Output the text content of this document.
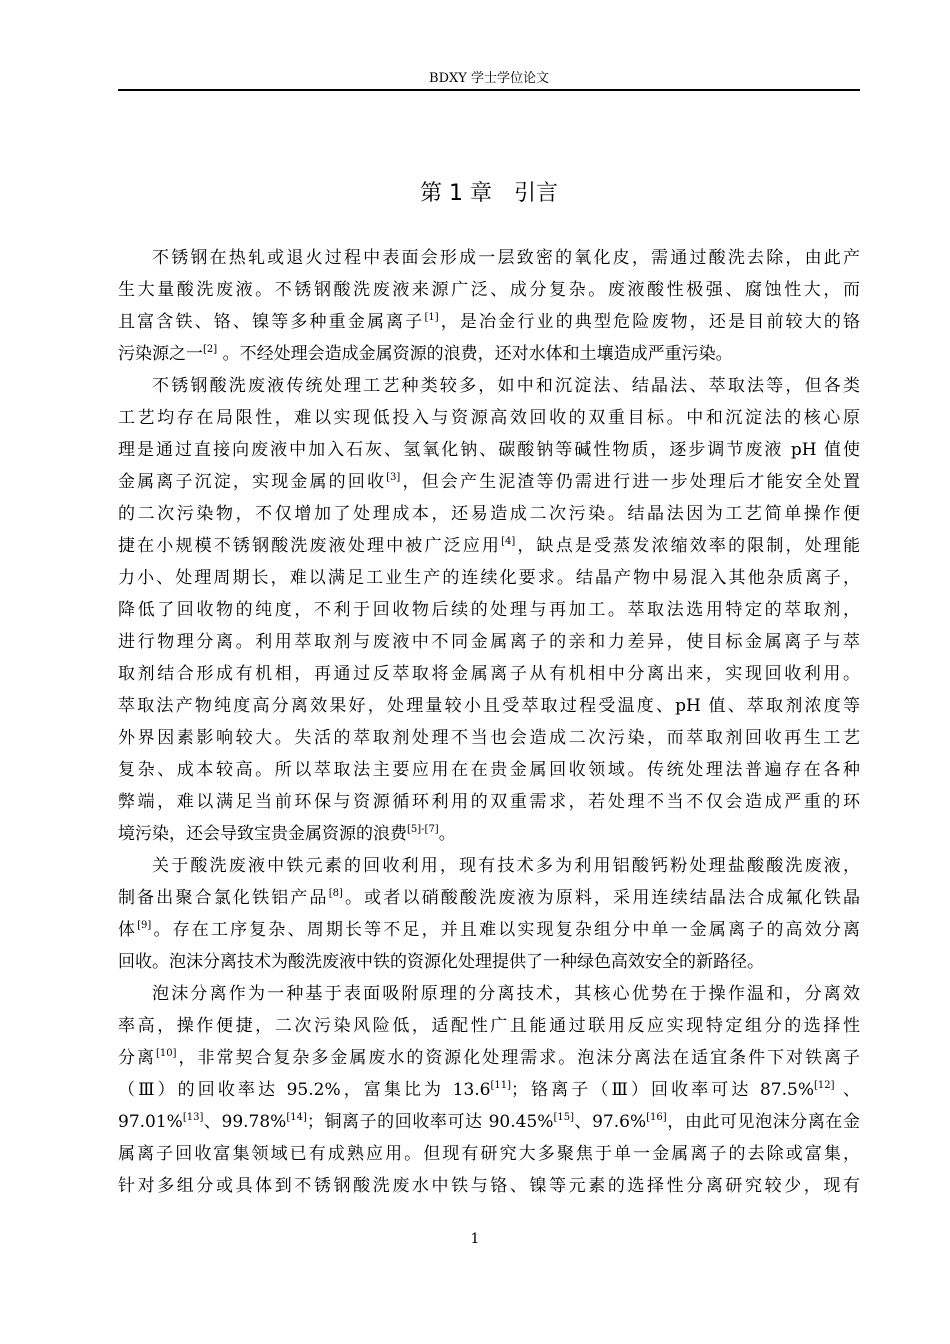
BDXY 学士学位论文
第 1 章 引言
不锈钢在热轧或退火过程中表面会形成一层致密的氧化皮，需通过酸洗去除，由此产
生大量酸洗废液。不锈钢酸洗废液来源广泛、成分复杂。废液酸性极强、腐蚀性大，而
且富含铁、铬、镍等多种重金属离子[1]，是冶金行业的典型危险废物，还是目前较大的铬
污染源之一[2] 。不经处理会造成金属资源的浪费，还对水体和土壤造成严重污染。
不锈钢酸洗废液传统处理工艺种类较多，如中和沉淀法、结晶法、萃取法等，但各类
工艺均存在局限性，难以实现低投入与资源高效回收的双重目标。中和沉淀法的核心原
理是通过直接向废液中加入石灰、氢氧化钠、碳酸钠等碱性物质，逐步调节废液 pH 值使
金属离子沉淀，实现金属的回收[3]，但会产生泥渣等仍需进行进一步处理后才能安全处置
的二次污染物，不仅增加了处理成本，还易造成二次污染。结晶法因为工艺简单操作便
捷在小规模不锈钢酸洗废液处理中被广泛应用[4]，缺点是受蒸发浓缩效率的限制，处理能
力小、处理周期长，难以满足工业生产的连续化要求。结晶产物中易混入其他杂质离子，
降低了回收物的纯度，不利于回收物后续的处理与再加工。萃取法选用特定的萃取剂，
进行物理分离。利用萃取剂与废液中不同金属离子的亲和力差异，使目标金属离子与萃
取剂结合形成有机相，再通过反萃取将金属离子从有机相中分离出来，实现回收利用。
萃取法产物纯度高分离效果好，处理量较小且受萃取过程受温度、pH 值、萃取剂浓度等
外界因素影响较大。失活的萃取剂处理不当也会造成二次污染，而萃取剂回收再生工艺
复杂、成本较高。所以萃取法主要应用在在贵金属回收领域。传统处理法普遍存在各种
弊端，难以满足当前环保与资源循环利用的双重需求，若处理不当不仅会造成严重的环
境污染，还会导致宝贵金属资源的浪费[5]-[7]。
关于酸洗废液中铁元素的回收利用，现有技术多为利用铝酸钙粉处理盐酸酸洗废液，
制备出聚合氯化铁铝产品[8]。或者以硝酸酸洗废液为原料，采用连续结晶法合成氟化铁晶
体[9]。存在工序复杂、周期长等不足，并且难以实现复杂组分中单一金属离子的高效分离
回收。泡沫分离技术为酸洗废液中铁的资源化处理提供了一种绿色高效安全的新路径。
泡沫分离作为一种基于表面吸附原理的分离技术，其核心优势在于操作温和，分离效
率高，操作便捷，二次污染风险低，适配性广且能通过联用反应实现特定组分的选择性
分离[10]，非常契合复杂多金属废水的资源化处理需求。泡沫分离法在适宜条件下对铁离子
（Ⅲ）的回收率达 95.2%，富集比为 13.6[11]；铬离子（Ⅲ）回收率可达 87.5%[12] 、
97.01%[13]、99.78%[14]；铜离子的回收率可达 90.45%[15]、97.6%[16]，由此可见泡沫分离在金
属离子回收富集领域已有成熟应用。但现有研究大多聚焦于单一金属离子的去除或富集，
针对多组分或具体到不锈钢酸洗废水中铁与铬、镍等元素的选择性分离研究较少，现有
1
